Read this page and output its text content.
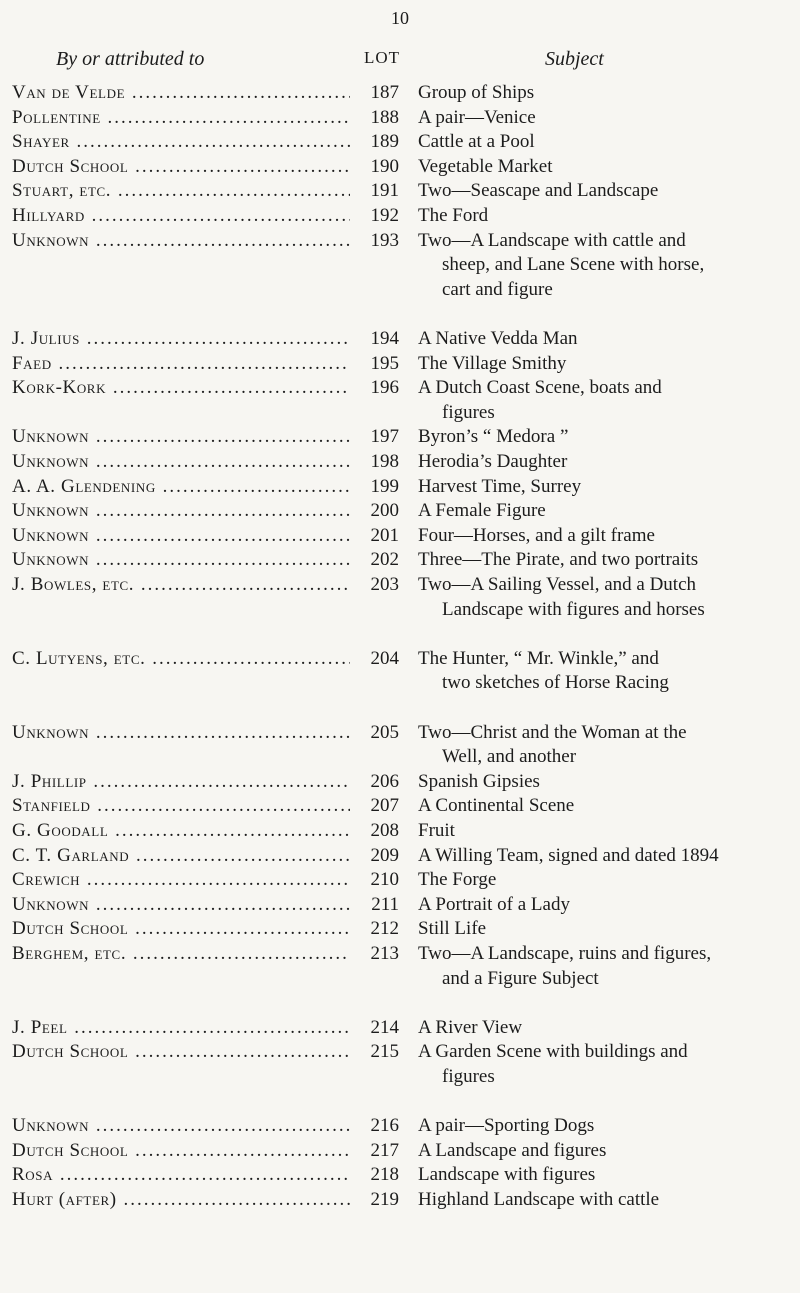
10
By or attributed to	LOT	Subject
Van de Velde .....	187 Group of Ships
Pollentine .....	188 A pair—Venice
Shayer .....	189 Cattle at a Pool
Dutch School .....	190 Vegetable Market
Stuart, etc. .....	191 Two—Seascape and Landscape
Hillyard .....	192 The Ford
Unknown .....	193 Two—A Landscape with cattle and
sheep, and Lane Scene with horse,
cart and figure
J. Julius .....	194 A Native Vedda Man
Faed .....	195 The Village Smithy
Kork-Kork .....	196 A Dutch Coast Scene, boats and
figures
Unknown .....	197 Byron’s “ Medora ”
Unknown .....	198 Herodia’s Daughter
A. A. Glendening .....	199 Harvest Time, Surrey
Unknown .....	200 A Female Figure
Unknown .....	201 Four—Horses, and a gilt frame
Unknown .....	202 Three—The Pirate, and two portraits
J. Bowles, etc. .....	203 Two—A Sailing Vessel, and a Dutch
Landscape with figures and horses
C. Lutyens, etc. .....	204 The Hunter, “ Mr. Winkle,” and
two sketches of Horse Racing
Unknown .....	205 Two—Christ and the Woman at the
Well, and another
J. Phillip .....	206 Spanish Gipsies
Stanfield .....	207 A Continental Scene
G. Goodall .....	208 Fruit
C. T. Garland .....	209 A Willing Team, signed and dated 1894
Crewich .....	210 The Forge
Unknown .....	211 A Portrait of a Lady
Dutch School .....	212 Still Life
Berghem, etc. .....	213 Two—A Landscape, ruins and figures,
and a Figure Subject
J. Peel .....	214 A River View
Dutch School .....	215 A Garden Scene with buildings and
figures
Unknown .....	216 A pair—Sporting Dogs
Dutch School .....	217 A Landscape and figures
Rosa .....	218 Landscape with figures
Hurt (after) .....	219 Highland Landscape with cattle
